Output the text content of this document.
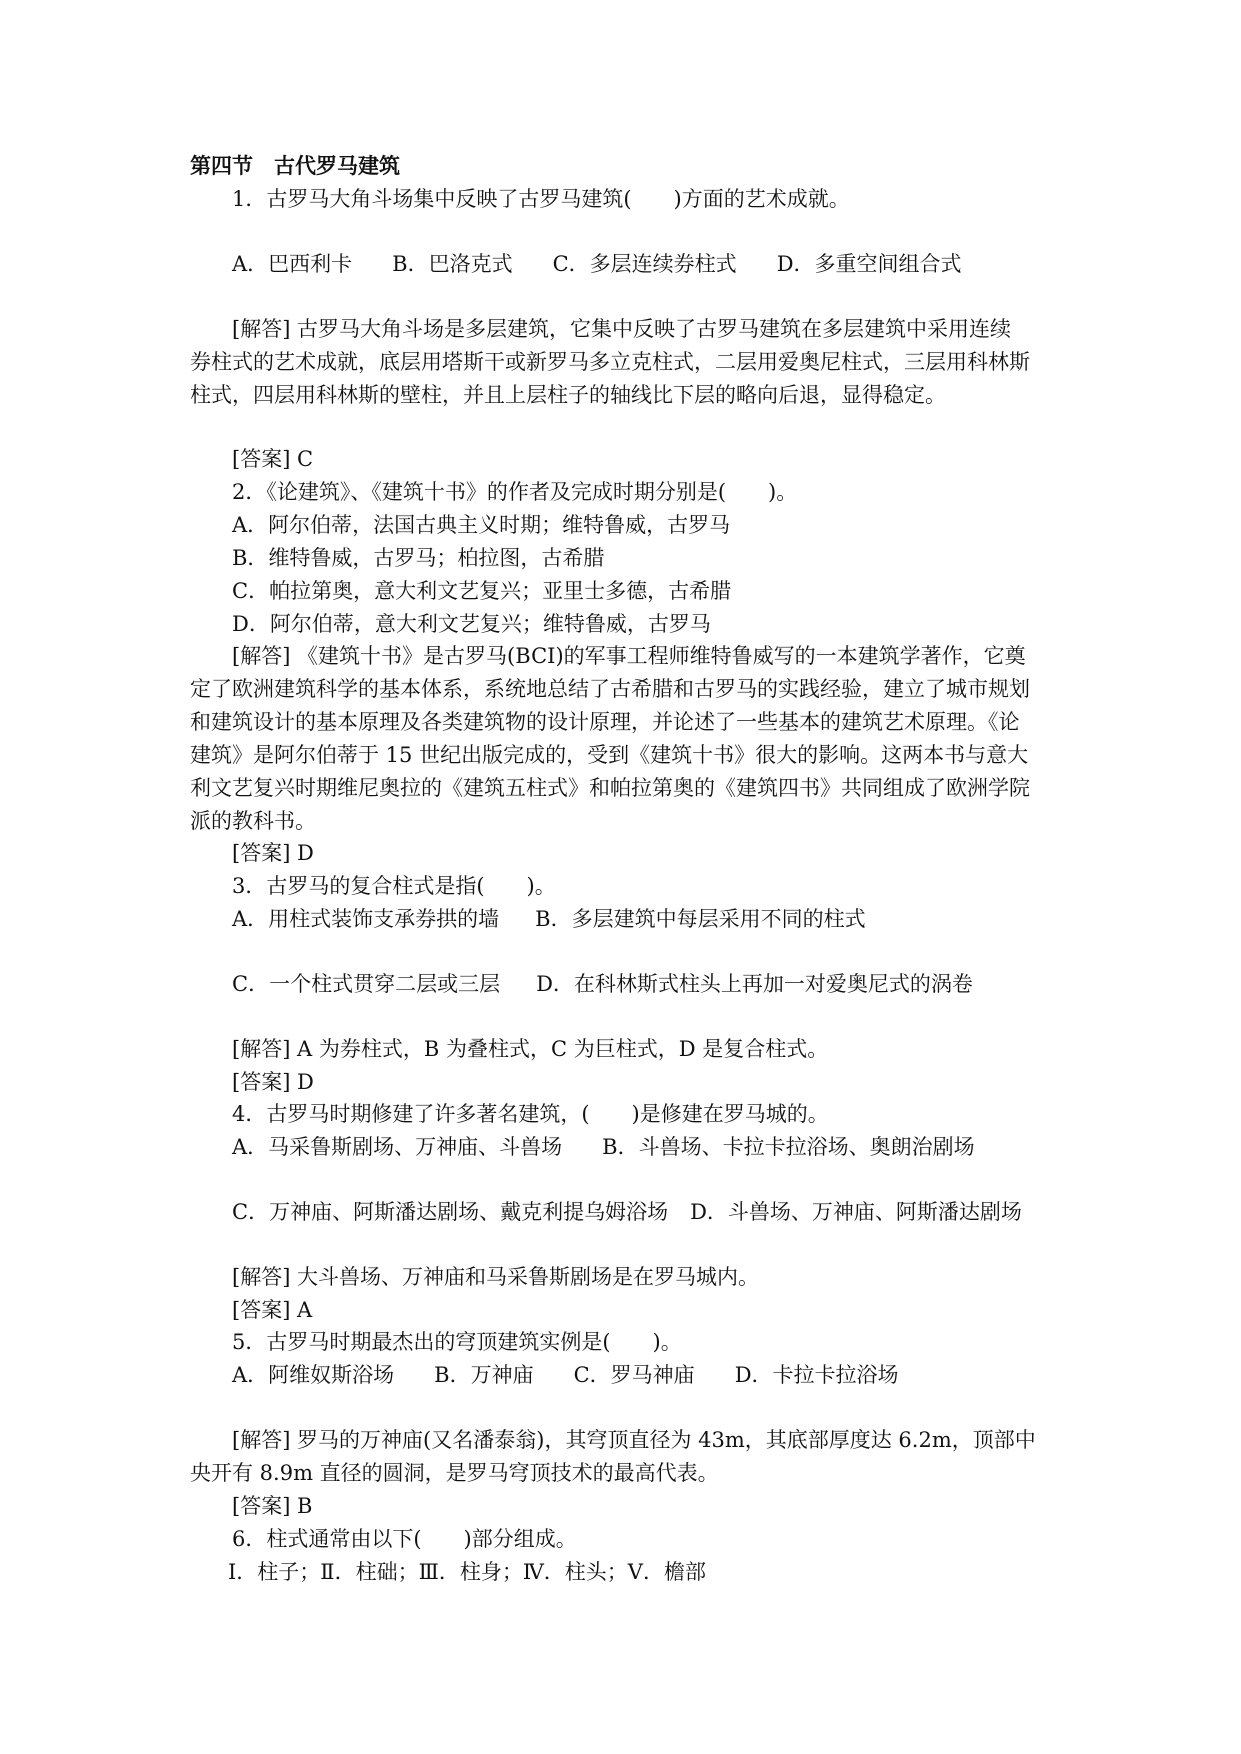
第四节　古代罗马建筑
1．古罗马大角斗场集中反映了古罗马建筑(　　)方面的艺术成就。
A．巴西利卡 B．巴洛克式 C．多层连续券柱式 D．多重空间组合式
[解答] 古罗马大角斗场是多层建筑，它集中反映了古罗马建筑在多层建筑中采用连续
券柱式的艺术成就，底层用塔斯干或新罗马多立克柱式，二层用爱奥尼柱式，三层用科林斯
柱式，四层用科林斯的壁柱，并且上层柱子的轴线比下层的略向后退，显得稳定。
[答案] C
2．《论建筑》、《建筑十书》的作者及完成时期分别是(　　)。
A．阿尔伯蒂，法国古典主义时期；维特鲁威，古罗马
B．维特鲁威，古罗马；柏拉图，古希腊
C．帕拉第奥，意大利文艺复兴；亚里士多德，古希腊
D．阿尔伯蒂，意大利文艺复兴；维特鲁威，古罗马
[解答] 《建筑十书》是古罗马(BCI)的军事工程师维特鲁威写的一本建筑学著作，它奠
定了欧洲建筑科学的基本体系，系统地总结了古希腊和古罗马的实践经验，建立了城市规划
和建筑设计的基本原理及各类建筑物的设计原理，并论述了一些基本的建筑艺术原理。《论
建筑》是阿尔伯蒂于 15 世纪出版完成的，受到《建筑十书》很大的影响。这两本书与意大
利文艺复兴时期维尼奥拉的《建筑五柱式》和帕拉第奥的《建筑四书》共同组成了欧洲学院
派的教科书。
[答案] D
3．古罗马的复合柱式是指(　　)。
A．用柱式装饰支承券拱的墙 B．多层建筑中每层采用不同的柱式
C．一个柱式贯穿二层或三层 D．在科林斯式柱头上再加一对爱奥尼式的涡卷
[解答] A 为券柱式，B 为叠柱式，C 为巨柱式，D 是复合柱式。
[答案] D
4．古罗马时期修建了许多著名建筑，(　　)是修建在罗马城的。
A．马采鲁斯剧场、万神庙、斗兽场 B．斗兽场、卡拉卡拉浴场、奥朗治剧场
C．万神庙、阿斯潘达剧场、戴克利提乌姆浴场 D．斗兽场、万神庙、阿斯潘达剧场
[解答] 大斗兽场、万神庙和马采鲁斯剧场是在罗马城内。
[答案] A
5．古罗马时期最杰出的穹顶建筑实例是(　　)。
A．阿维奴斯浴场 B．万神庙 C．罗马神庙 D．卡拉卡拉浴场
[解答] 罗马的万神庙(又名潘泰翁)，其穹顶直径为 43m，其底部厚度达 6.2m，顶部中
央开有 8.9m 直径的圆洞，是罗马穹顶技术的最高代表。
[答案] B
6．柱式通常由以下(　　)部分组成。
Ⅰ．柱子；Ⅱ．柱础；Ⅲ．柱身；Ⅳ．柱头；Ⅴ．檐部
